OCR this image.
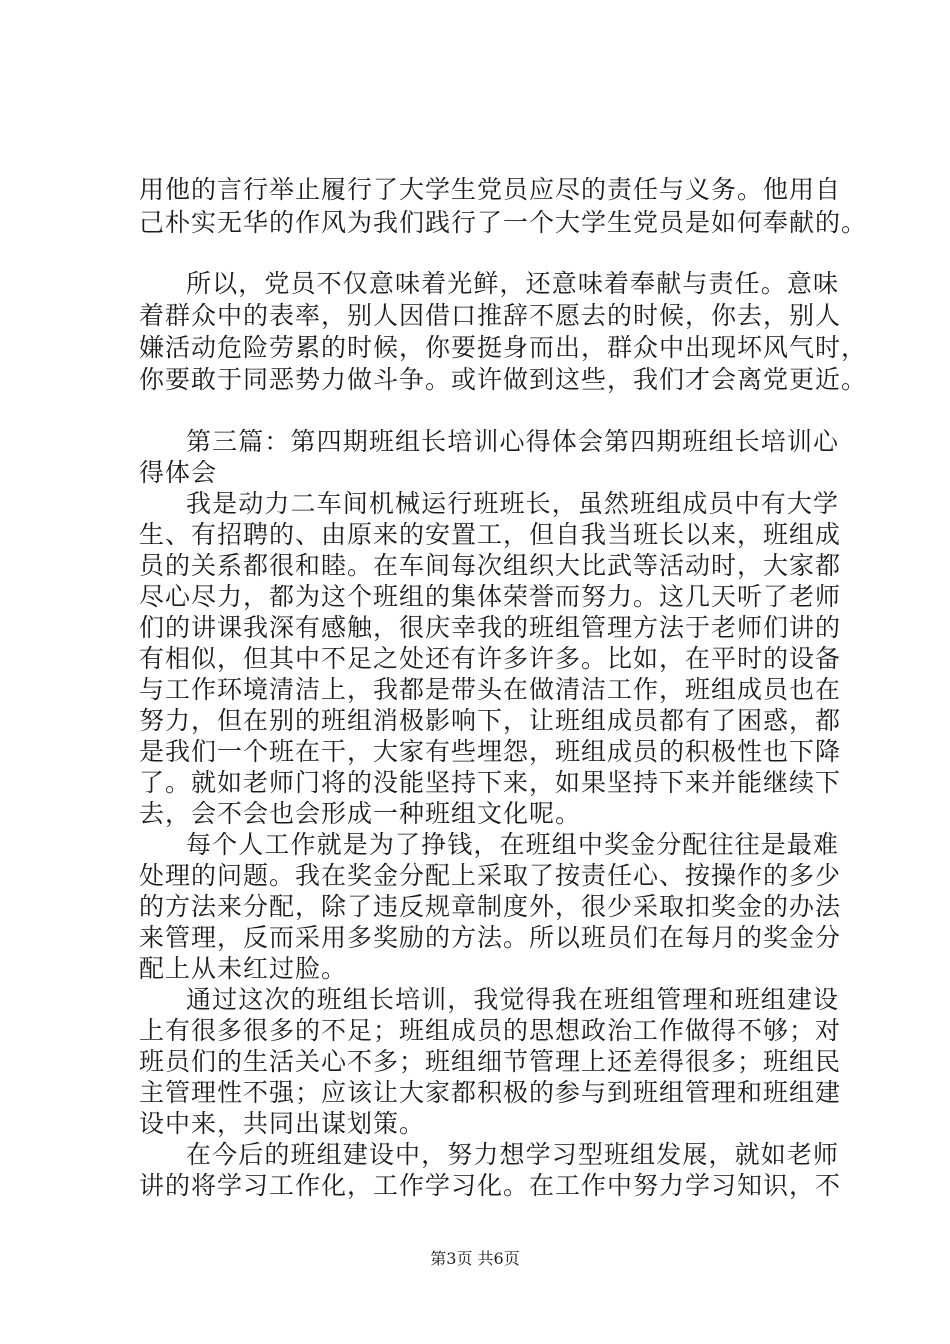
用他的言行举止履行了大学生党员应尽的责任与义务。他用自
己朴实无华的作风为我们践行了一个大学生党员是如何奉献的。
所以，党员不仅意味着光鲜，还意味着奉献与责任。意味
着群众中的表率，别人因借口推辞不愿去的时候，你去，别人
嫌活动危险劳累的时候，你要挺身而出，群众中出现坏风气时，
你要敢于同恶势力做斗争。或许做到这些，我们才会离党更近。
第三篇：第四期班组长培训心得体会第四期班组长培训心
得体会
我是动力二车间机械运行班班长，虽然班组成员中有大学
生、有招聘的、由原来的安置工，但自我当班长以来，班组成
员的关系都很和睦。在车间每次组织大比武等活动时，大家都
尽心尽力，都为这个班组的集体荣誉而努力。这几天听了老师
们的讲课我深有感触，很庆幸我的班组管理方法于老师们讲的
有相似，但其中不足之处还有许多许多。比如，在平时的设备
与工作环境清洁上，我都是带头在做清洁工作，班组成员也在
努力，但在别的班组消极影响下，让班组成员都有了困惑，都
是我们一个班在干，大家有些埋怨，班组成员的积极性也下降
了。就如老师门将的没能坚持下来，如果坚持下来并能继续下
去，会不会也会形成一种班组文化呢。
每个人工作就是为了挣钱，在班组中奖金分配往往是最难
处理的问题。我在奖金分配上采取了按责任心、按操作的多少
的方法来分配，除了违反规章制度外，很少采取扣奖金的办法
来管理，反而采用多奖励的方法。所以班员们在每月的奖金分
配上从未红过脸。
通过这次的班组长培训，我觉得我在班组管理和班组建设
上有很多很多的不足；班组成员的思想政治工作做得不够；对
班员们的生活关心不多；班组细节管理上还差得很多；班组民
主管理性不强；应该让大家都积极的参与到班组管理和班组建
设中来，共同出谋划策。
在今后的班组建设中，努力想学习型班组发展，就如老师
讲的将学习工作化，工作学习化。在工作中努力学习知识，不
第3页 共6页
